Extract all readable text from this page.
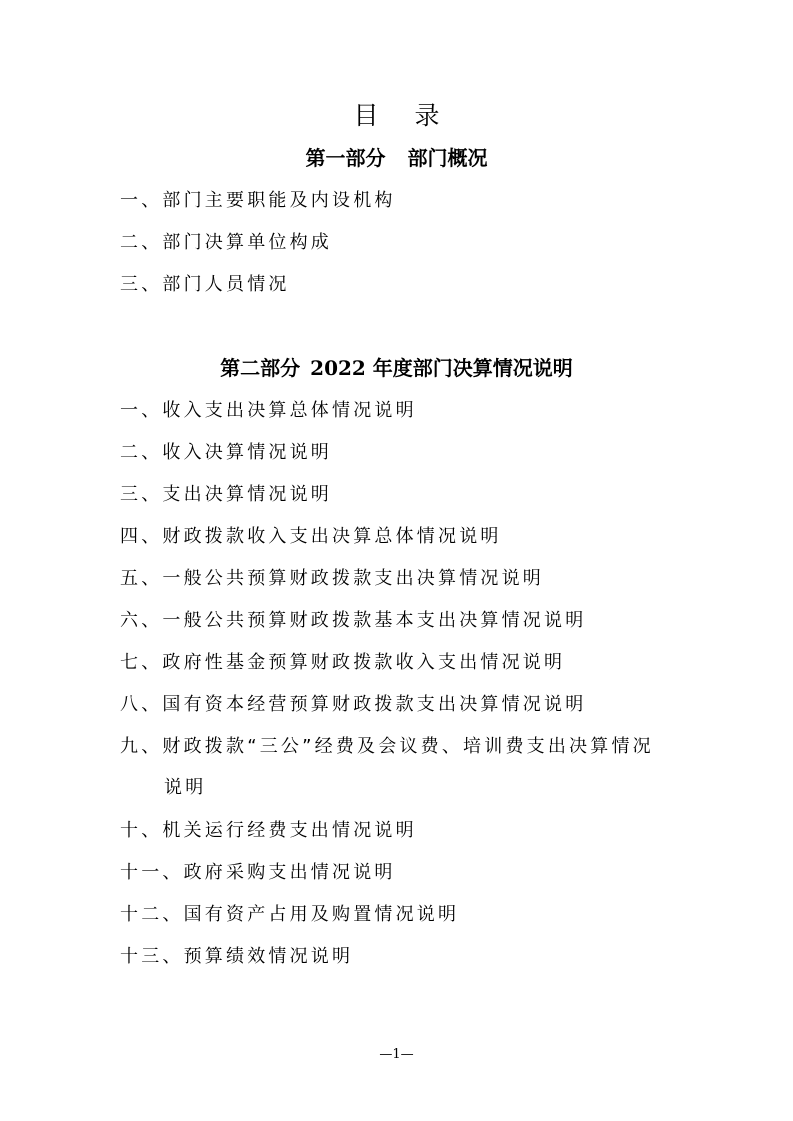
目 录
第一部分 部门概况
一、部门主要职能及内设机构
二、部门决算单位构成
三、部门人员情况
第二部分 2022 年度部门决算情况说明
一、收入支出决算总体情况说明
二、收入决算情况说明
三、支出决算情况说明
四、财政拨款收入支出决算总体情况说明
五、一般公共预算财政拨款支出决算情况说明
六、一般公共预算财政拨款基本支出决算情况说明
七、政府性基金预算财政拨款收入支出情况说明
八、国有资本经营预算财政拨款支出决算情况说明
九、财政拨款“三公”经费及会议费、培训费支出决算情况
说明
十、机关运行经费支出情况说明
十一、政府采购支出情况说明
十二、国有资产占用及购置情况说明
十三、预算绩效情况说明
—1—
